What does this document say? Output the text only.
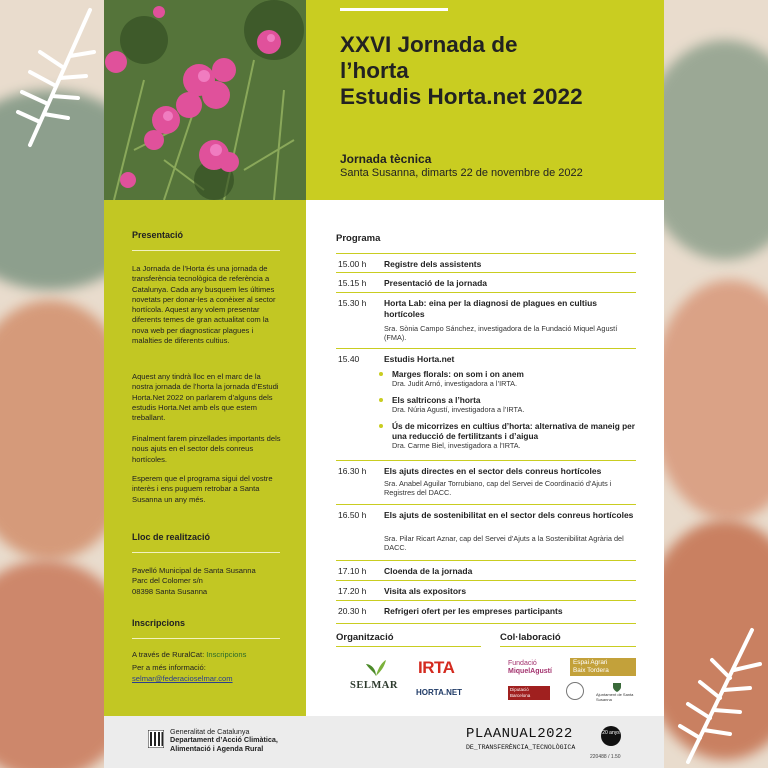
XXVI Jornada de
l’horta
Estudis Horta.net 2022
Jornada tècnica
Santa Susanna, dimarts 22 de novembre de 2022
Presentació
La Jornada de l’Horta és una jornada de transferència tecnològica de referència a Catalunya. Cada any busquem les últimes novetats per donar-les a conèixer al sector hortícola. Aquest any volem presentar diferents temes de gran actualitat com la nova web per diagnosticar plagues i malalties de diferents cultius.
Aquest any tindrà lloc en el marc de la nostra jornada de l’horta la jornada d’Estudi Horta.Net 2022 on parlarem d’alguns dels estudis Horta.Net amb els que estem treballant.
Finalment farem pinzellades importants dels nous ajuts en el sector dels conreus hortícoles.
Esperem que el programa sigui del vostre interès i ens puguem retrobar a Santa Susanna un any més.
Lloc de realització
Pavelló Municipal de Santa Susanna
Parc del Colomer s/n
08398 Santa Susanna
Inscripcions
A través de RuralCat: Inscripcions
Per a més informació:
selmar@federacioselmar.com
Programa
15.00 h Registre dels assistents
15.15 h Presentació de la jornada
15.30 h Horta Lab: eina per la diagnosi de plagues en cultius hortícoles
Sra. Sònia Campo Sánchez, investigadora de la Fundació Miquel Agustí (FMA).
15.40	Estudis Horta.net
Marges florals: on som i on anem
Dra. Judit Arnó, investigadora a l’IRTA.
Els saltricons a l’horta
Dra. Núria Agustí, investigadora a l’IRTA.
Ús de micorrizes en cultius d’horta: alternativa de maneig per una reducció de fertilitzants i d’aigua
Dra. Carme Biel, investigadora a l’IRTA.
16.30 h Els ajuts directes en el sector dels conreus hortícoles
Sra. Anabel Aguilar Torrubiano, cap del Servei de Coordinació d’Ajuts i Registres del DACC.
16.50 h Els ajuts de sostenibilitat en el sector dels conreus hortícoles
Sra. Pilar Ricart Aznar, cap del Servei d’Ajuts a la Sostenibilitat Agrària del DACC.
17.10 h Cloenda de la jornada
17.20 h Visita als expositors
20.30 h Refrigeri ofert per les empreses participants
Organització	Col·laboració
SELMAR
IRTA
HORTA.NET
Fundació
MiquelAgustí
Espai Agrari
Baix Tordera
Diputació Barcelona	Ajuntament de Santa Susanna
Generalitat de Catalunya
Departament d’Acció Climàtica,
Alimentació i Agenda Rural
PLAANUAL2022
DE_TRANSFERÈNCIA_TECNOLÒGICA
20 anys
220488 / 1.50
